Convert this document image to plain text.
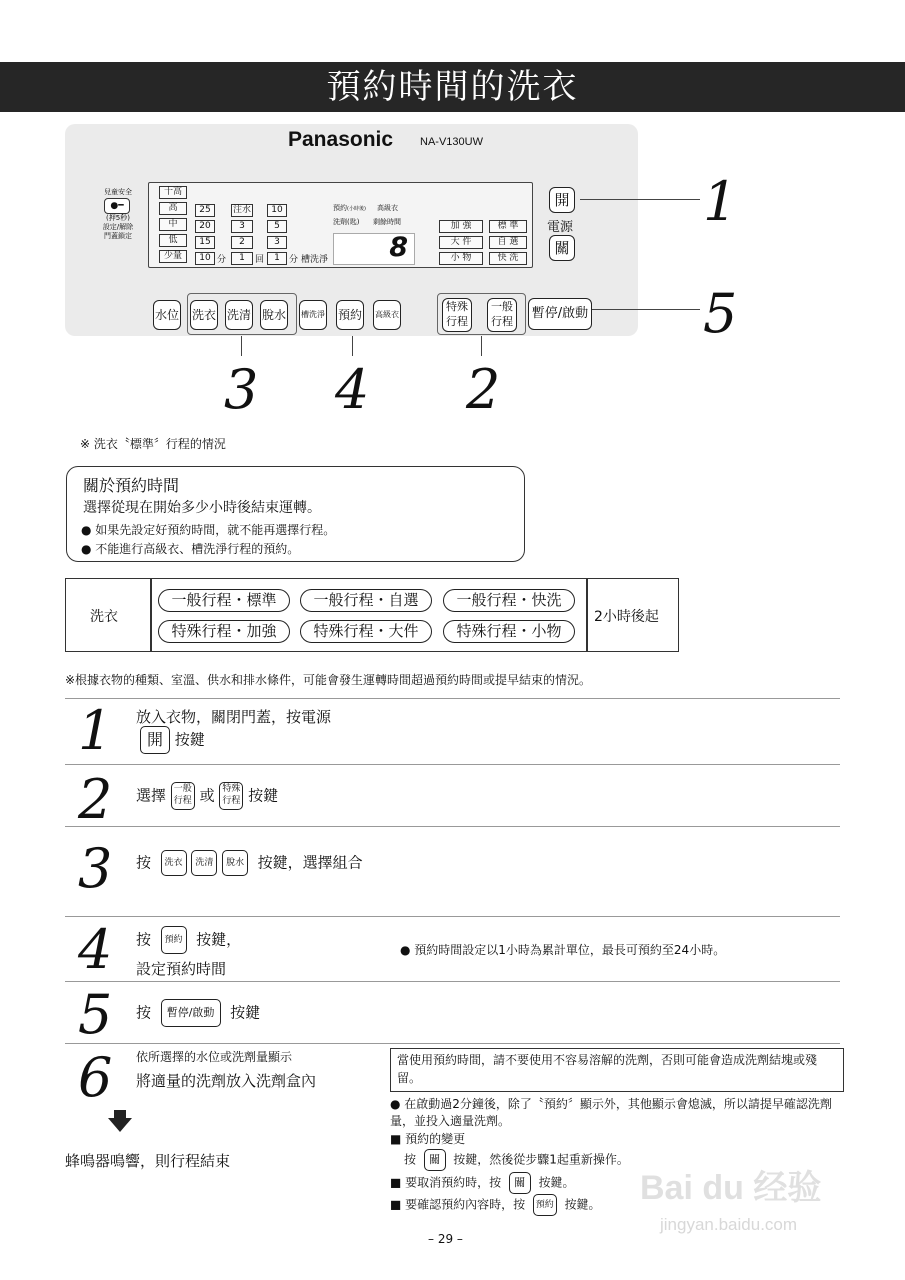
預約時間的洗衣
Panasonic NA-V130UW
兒童安全
●━
(押5秒)
設定/解除
門蓋鎖定
十高
高
中
低
少量
25
20
15
10 分
注水
3
2
1	回
10
5
3
1	分 槽洗淨
預約(小時後) 高級衣
洗劑(匙) 剩餘時間
8
加 強
大 件
小 物
標 準
自 選
快 洗
開
電源
關
水位 洗衣 洗清 脫水 槽洗淨 預約 高級衣
特殊
行程
一般
行程
暫停/啟動
1
5
3 4 2
※ 洗衣〝標準〞行程的情況
關於預約時間
選擇從現在開始多少小時後結束運轉。
● 如果先設定好預約時間，就不能再選擇行程。
● 不能進行高級衣、槽洗淨行程的預約。
洗衣
一般行程・標準	一般行程・自選	一般行程・快洗
特殊行程・加強	特殊行程・大件	特殊行程・小物
2小時後起
※根據衣物的種類、室溫、供水和排水條件，可能會發生運轉時間超過預約時間或提早結束的情況。
1 放入衣物，關閉門蓋，按電源
開 按鍵
2 選擇 一般
行程 或 特殊
行程 按鍵
3 按 洗衣 洗清 脫水 按鍵，選擇組合
4 按 預約 按鍵，
設定預約時間
● 預約時間設定以1小時為累計單位，最長可預約至24小時。
5 按 暫停/啟動 按鍵
6 依所選擇的水位或洗劑量顯示
將適量的洗劑放入洗劑盒內
蜂鳴器鳴響，則行程結束
當使用預約時間，請不要使用不容易溶解的洗劑，否則可能會造成洗劑結塊或殘留。
● 在啟動過2分鐘後，除了〝預約〞顯示外，其他顯示會熄滅，所以請提早確認洗劑量，並投入適量洗劑。
■ 預約的變更
按 關 按鍵，然後從步驟1起重新操作。
■ 要取消預約時，按 關 按鍵。
■ 要確認預約內容時，按 預約 按鍵。
– 29 –
Bai du 经验
jingyan.baidu.com
